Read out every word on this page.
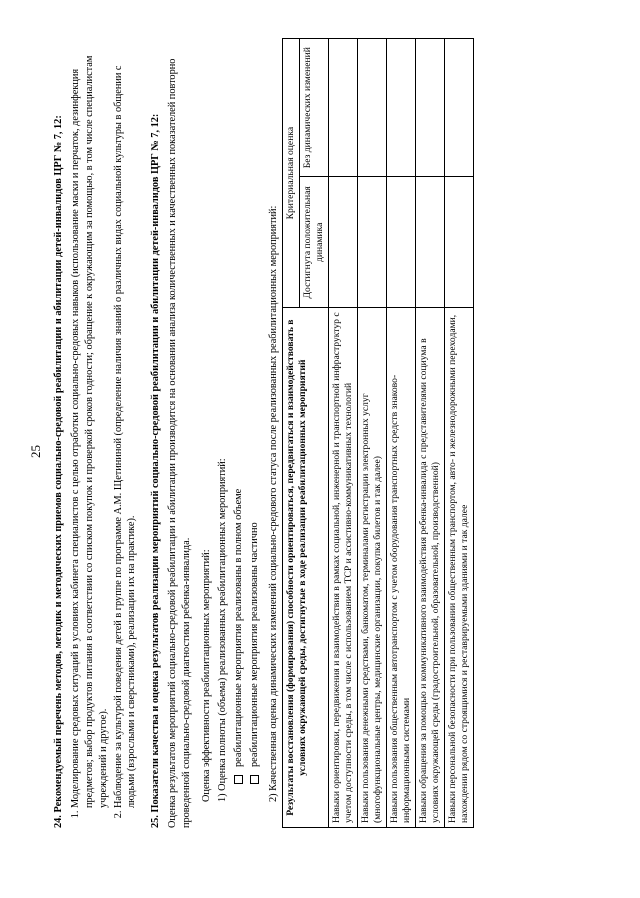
25 24. Рекомендуемый перечень методов, методик и методических приемов социально-средовой реабилитации и абилитации детей-инвалидов ЦРГ № 7, 12: 1. Моделирование средовых ситуаций в условиях кабинета специалистов с целью отработки социально-средовых навыков (использование маски и перчаток, дезинфекция предметов; выбор продуктов питания в соответствии со списком покупок и проверкой сроков годности; обращение к окружающим за помощью, в том числе специалистам учреждений и другое). 2. Наблюдение за культурой поведения детей в группе по программе А.М. Щетининой (определение наличия знаний о различных видах социальной культуры в общении с людьми (взрослыми и сверстниками), реализации их на практике). 25. Показатели качества и оценка результатов реализации мероприятий социально-средовой реабилитации и абилитации детей-инвалидов ЦРГ № 7, 12: Оценка результатов мероприятий социально-средовой реабилитации и абилитации производится на основании анализа количественных и качественных показателей повторно проведенной социально-средовой диагностики ребенка-инвалида. Оценка эффективности реабилитационных мероприятий: 1) Оценка полноты (объема) реализованных реабилитационных мероприятий: реабилитационные мероприятия реализованы в полном объеме реабилитационные мероприятия реализованы частично

2) Качественная оценка динамических изменений социально-средового статуса после реализованных реабилитационных мероприятий: Результаты восстановления (формирования) способности ориентироваться, передвигаться и взаимодействовать в условиях окружающей среды, достигнутые в ходе реализации реабилитационных мероприятий	Критериальная оценка	
	Достигнута положительная динамика	Без динамических изменений
Навыки ориентировки, передвижения и взаимодействия в рамках социальной, инженерной и транспортной инфраструктур с учетом доступности среды, в том числе с использованием ТСР и ассистивно-коммуникативных технологий		
Навыки пользования денежными средствами, банкоматом, терминалами регистрации электронных услуг (многофункциональные центры, медицинские организации, покупка билетов и так далее)		
Навыки пользования общественным автотранспортом с учетом оборудования транспортных средств знаково-информационными системами		
Навыки обращения за помощью и коммуникативного взаимодействия ребенка-инвалида с представителями социума в условиях окружающей среды (градостроительной, образовательной, производственной)		
Навыки персональной безопасности при пользовании общественным транспортом, авто- и железнодорожными переходами, нахождении рядом со строящимися и реставрируемыми зданиями и так далее		
